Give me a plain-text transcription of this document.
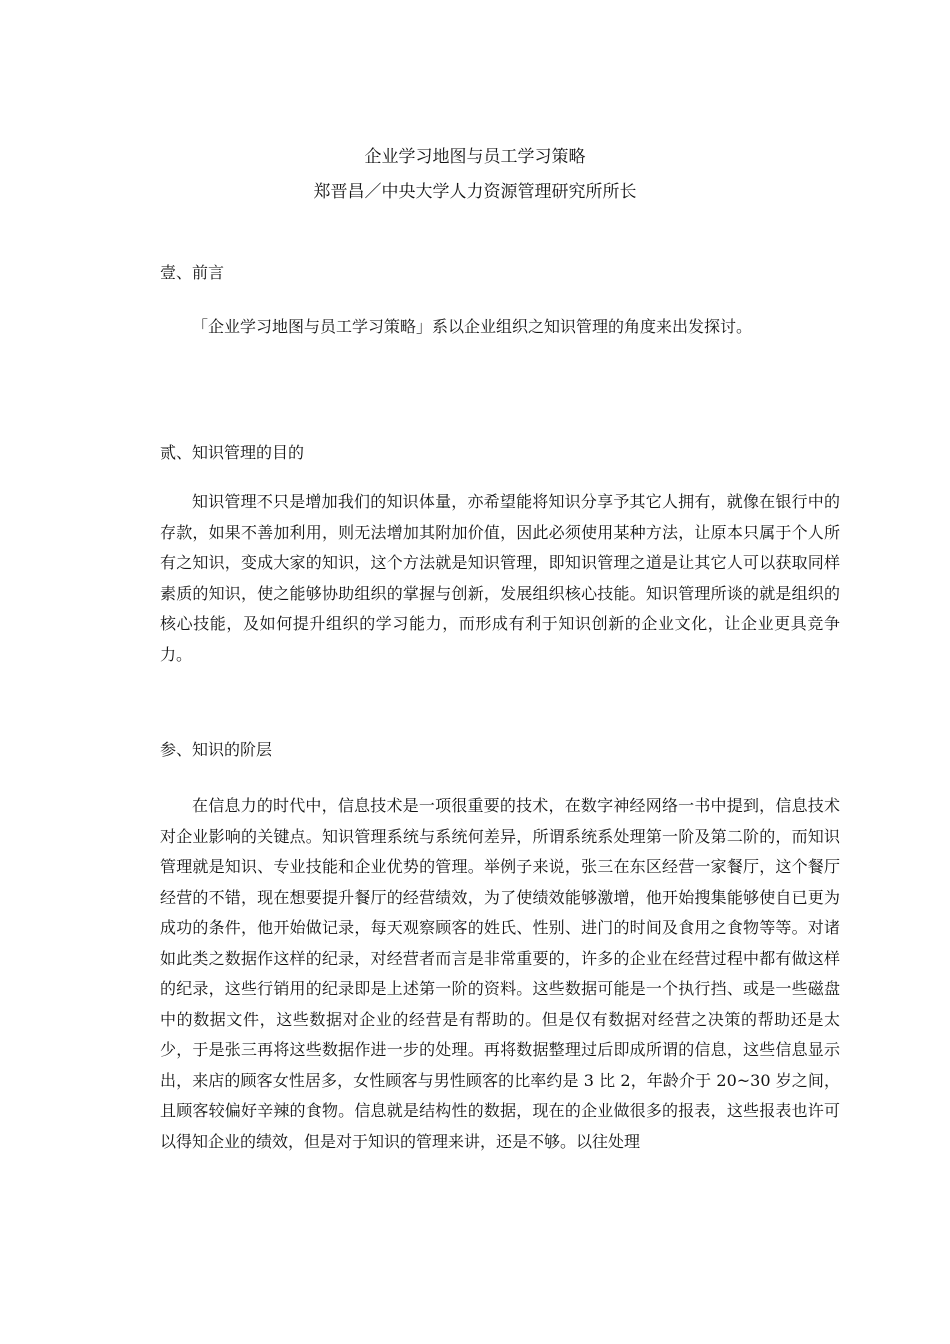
企业学习地图与员工学习策略
郑晋昌／中央大学人力资源管理研究所所长
壹、前言
「企业学习地图与员工学习策略」系以企业组织之知识管理的角度来出发探讨。
贰、知识管理的目的
知识管理不只是增加我们的知识体量，亦希望能将知识分享予其它人拥有，就像在银行中的存款，如果不善加利用，则无法增加其附加价值，因此必须使用某种方法，让原本只属于个人所有之知识，变成大家的知识，这个方法就是知识管理，即知识管理之道是让其它人可以获取同样素质的知识，使之能够协助组织的掌握与创新，发展组织核心技能。知识管理所谈的就是组织的核心技能，及如何提升组织的学习能力，而形成有利于知识创新的企业文化，让企业更具竞争力。
参、知识的阶层
在信息力的时代中，信息技术是一项很重要的技术，在数字神经网络一书中提到，信息技术对企业影响的关键点。知识管理系统与系统何差异，所谓系统系处理第一阶及第二阶的，而知识管理就是知识、专业技能和企业优势的管理。举例子来说，张三在东区经营一家餐厅，这个餐厅经营的不错，现在想要提升餐厅的经营绩效，为了使绩效能够激增，他开始搜集能够使自已更为成功的条件，他开始做记录，每天观察顾客的姓氏、性别、进门的时间及食用之食物等等。对诸如此类之数据作这样的纪录，对经营者而言是非常重要的，许多的企业在经营过程中都有做这样的纪录，这些行销用的纪录即是上述第一阶的资料。这些数据可能是一个执行挡、或是一些磁盘中的数据文件，这些数据对企业的经营是有帮助的。但是仅有数据对经营之决策的帮助还是太少，于是张三再将这些数据作进一步的处理。再将数据整理过后即成所谓的信息，这些信息显示出，来店的顾客女性居多，女性顾客与男性顾客的比率约是 3 比 2，年龄介于 20~30 岁之间，且顾客较偏好辛辣的食物。信息就是结构性的数据，现在的企业做很多的报表，这些报表也许可以得知企业的绩效，但是对于知识的管理来讲，还是不够。以往处理
